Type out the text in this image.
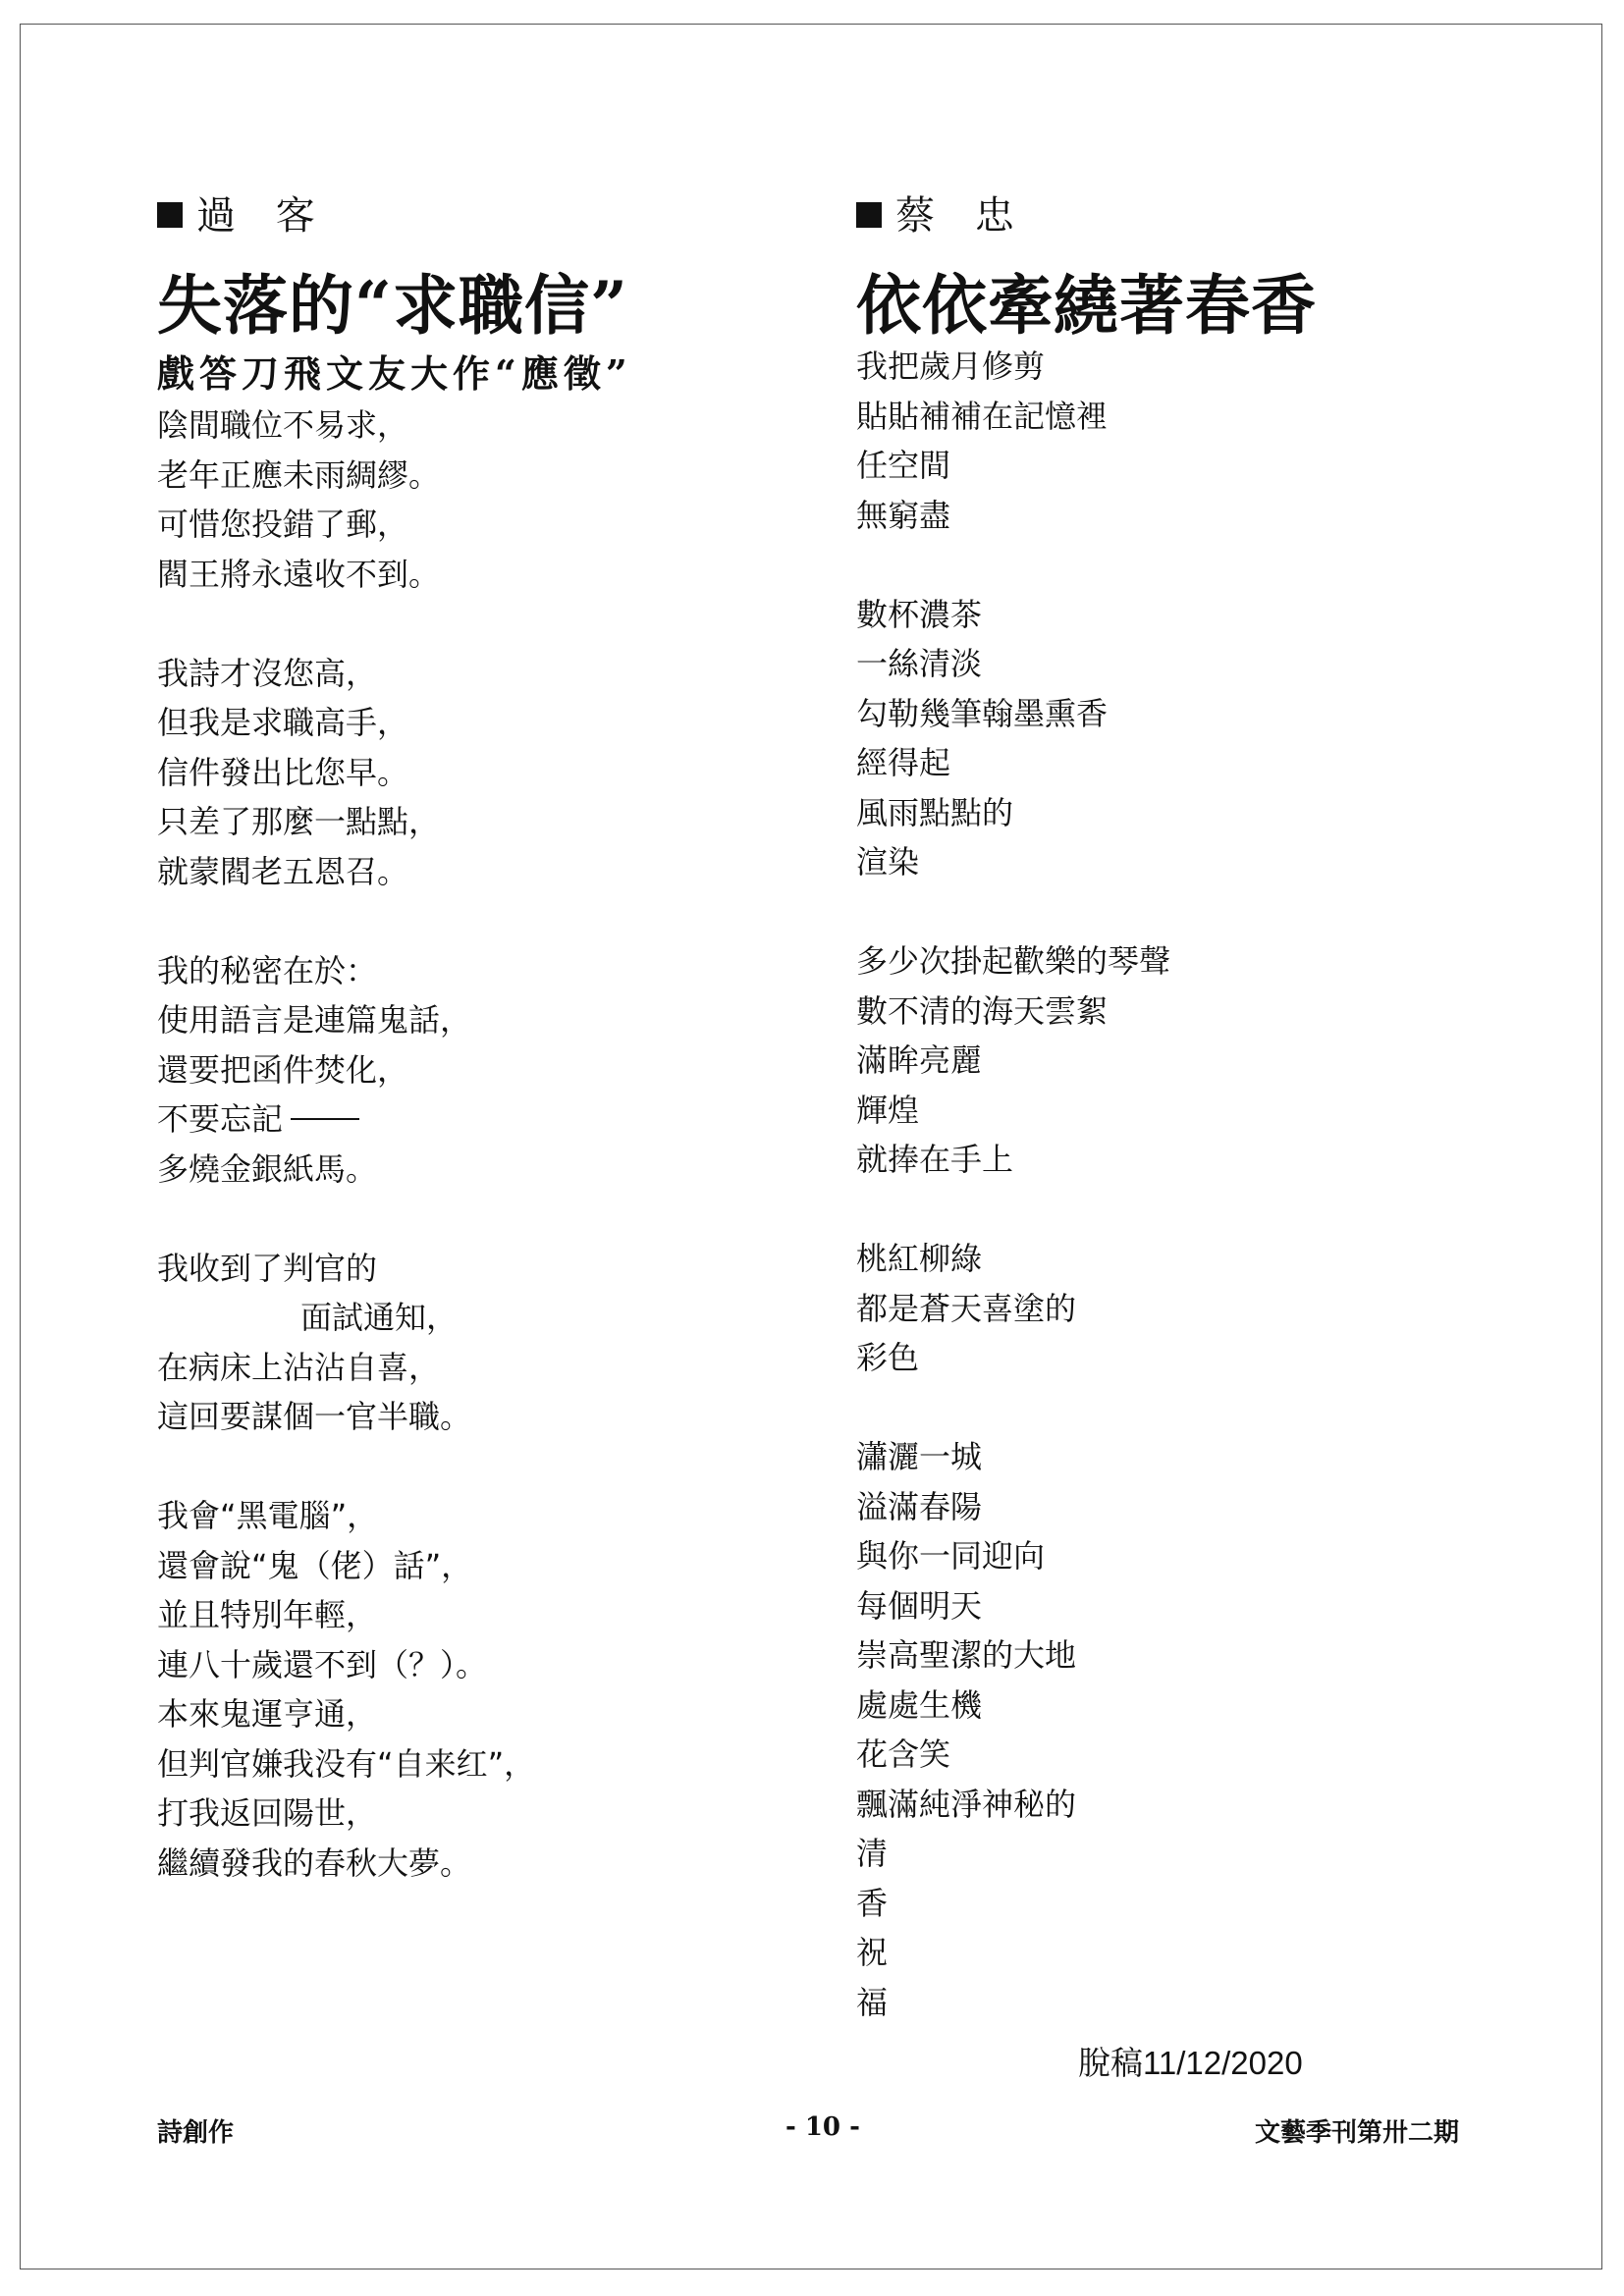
過 客
失落的“求職信”
戲答刀飛文友大作“應徵”
陰間職位不易求，
老年正應未雨綢繆。
可惜您投錯了郵，
閻王將永遠收不到。
我詩才沒您高，
但我是求職高手，
信件發出比您早。
只差了那麼一點點，
就蒙閻老五恩召。
我的秘密在於：
使用語言是連篇鬼話，
還要把函件焚化，
不要忘記
多燒金銀紙馬。
我收到了判官的
面試通知，
在病床上沾沾自喜，
這回要謀個一官半職。
我會“黑電腦”，
還會說“鬼（佬）話”，
並且特別年輕，
連八十歲還不到（？）。
本來鬼運亨通，
但判官嫌我没有“自来红”，
打我返回陽世，
繼續發我的春秋大夢。
蔡 忠
依依牽繞著春香
我把歲月修剪
貼貼補補在記憶裡
任空間
無窮盡
數杯濃茶
一絲清淡
勾勒幾筆翰墨熏香
經得起
風雨點點的
渲染
多少次掛起歡樂的琴聲
數不清的海天雲絮
滿眸亮麗
輝煌
就捧在手上
桃紅柳綠
都是蒼天喜塗的
彩色
瀟灑一城
溢滿春陽
與你一同迎向
每個明天
崇高聖潔的大地
處處生機
花含笑
飄滿純淨神秘的
清
香
祝
福
脫稿11/12/2020
詩創作	- 10 -	文藝季刊第卅二期
